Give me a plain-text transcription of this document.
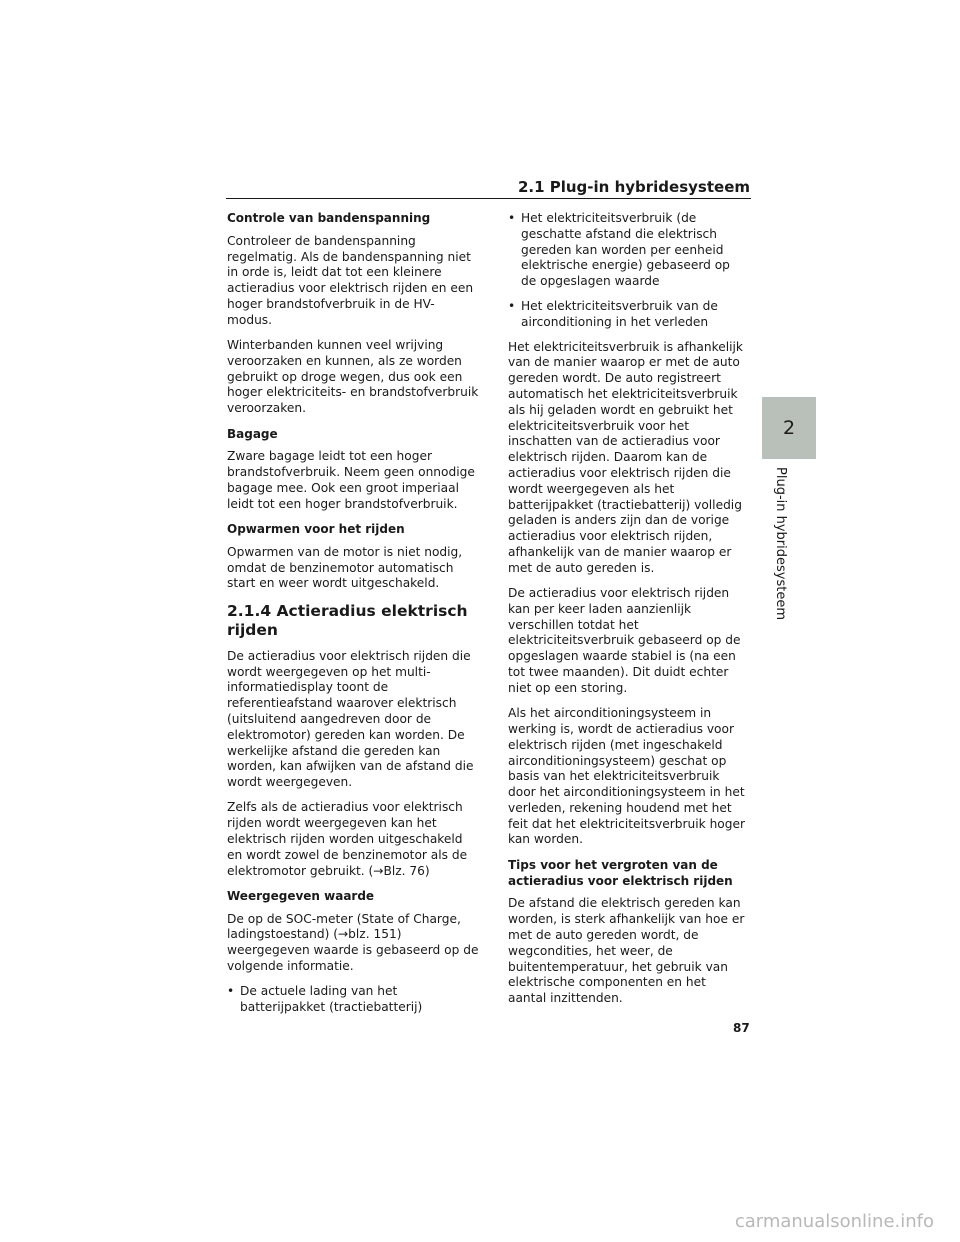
2.1 Plug-in hybridesysteem
2
Plug-in hybridesysteem

Controle van bandenspanning

Controleer de bandenspanning regelmatig. Als de bandenspanning niet in orde is, leidt dat tot een kleinere actieradius voor elektrisch rijden en een hoger brandstofverbruik in de HV-modus.

Winterbanden kunnen veel wrijving veroorzaken en kunnen, als ze worden gebruikt op droge wegen, dus ook een hoger elektriciteits- en brandstofverbruik veroorzaken.

Bagage

Zware bagage leidt tot een hoger brandstofverbruik. Neem geen onnodige bagage mee. Ook een groot imperiaal leidt tot een hoger brandstofverbruik.

Opwarmen voor het rijden

Opwarmen van de motor is niet nodig, omdat de benzinemotor automatisch start en weer wordt uitgeschakeld.

2.1.4 Actieradius elektrisch rijden

De actieradius voor elektrisch rijden die wordt weergegeven op het multi-informatiedisplay toont de referentieafstand waarover elektrisch (uitsluitend aangedreven door de elektromotor) gereden kan worden. De werkelijke afstand die gereden kan worden, kan afwijken van de afstand die wordt weergegeven.

Zelfs als de actieradius voor elektrisch rijden wordt weergegeven kan het elektrisch rijden worden uitgeschakeld en wordt zowel de benzinemotor als de elektromotor gebruikt. (→Blz. 76)

Weergegeven waarde

De op de SOC-meter (State of Charge, ladingstoestand) (→blz. 151) weergegeven waarde is gebaseerd op de volgende informatie.

• De actuele lading van het batterijpakket (tractiebatterij)
• Het elektriciteitsverbruik (de geschatte afstand die elektrisch gereden kan worden per eenheid elektrische energie) gebaseerd op de opgeslagen waarde
• Het elektriciteitsverbruik van de airconditioning in het verleden

Het elektriciteitsverbruik is afhankelijk van de manier waarop er met de auto gereden wordt. De auto registreert automatisch het elektriciteitsverbruik als hij geladen wordt en gebruikt het elektriciteitsverbruik voor het inschatten van de actieradius voor elektrisch rijden. Daarom kan de actieradius voor elektrisch rijden die wordt weergegeven als het batterijpakket (tractiebatterij) volledig geladen is anders zijn dan de vorige actieradius voor elektrisch rijden, afhankelijk van de manier waarop er met de auto gereden is.

De actieradius voor elektrisch rijden kan per keer laden aanzienlijk verschillen totdat het elektriciteitsverbruik gebaseerd op de opgeslagen waarde stabiel is (na een tot twee maanden). Dit duidt echter niet op een storing.

Als het airconditioningsysteem in werking is, wordt de actieradius voor elektrisch rijden (met ingeschakeld airconditioningsysteem) geschat op basis van het elektriciteitsverbruik door het airconditioningsysteem in het verleden, rekening houdend met het feit dat het elektriciteitsverbruik hoger kan worden.

Tips voor het vergroten van de actieradius voor elektrisch rijden

De afstand die elektrisch gereden kan worden, is sterk afhankelijk van hoe er met de auto gereden wordt, de wegcondities, het weer, de buitentemperatuur, het gebruik van elektrische componenten en het aantal inzittenden.

87
carmanualsonline.info
